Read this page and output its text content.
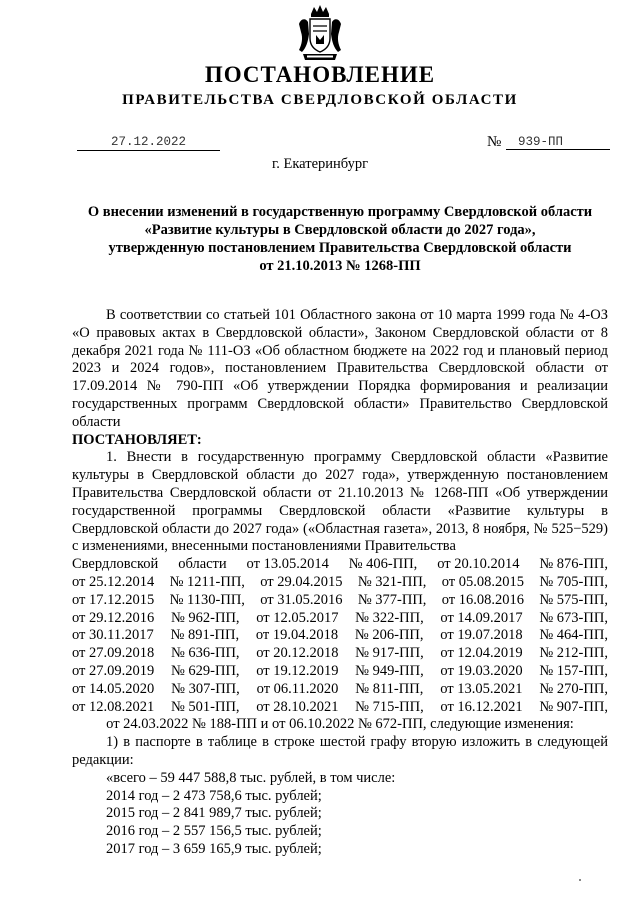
ПОСТАНОВЛЕНИЕ
ПРАВИТЕЛЬСТВА СВЕРДЛОВСКОЙ ОБЛАСТИ
27.12.2022	№	939-ПП
г. Екатеринбург
О внесении изменений в государственную программу Свердловской области
«Развитие культуры в Свердловской области до 2027 года»,
утвержденную постановлением Правительства Свердловской области
от 21.10.2013 № 1268-ПП

В соответствии со статьей 101 Областного закона от 10 марта 1999 года № 4-ОЗ «О правовых актах в Свердловской области», Законом Свердловской области от 8 декабря 2021 года № 111-ОЗ «Об областном бюджете на 2022 год и плановый период 2023 и 2024 годов», постановлением Правительства Свердловской области от 17.09.2014 № 790-ПП «Об утверждении Порядка формирования и реализации государственных программ Свердловской области» Правительство Свердловской области

ПОСТАНОВЛЯЕТ:

1. Внести в государственную программу Свердловской области «Развитие культуры в Свердловской области до 2027 года», утвержденную постановлением Правительства Свердловской области от 21.10.2013 № 1268-ПП «Об утверждении государственной программы Свердловской области «Развитие культуры в Свердловской области до 2027 года» («Областная газета», 2013, 8 ноября, № 525−529) с изменениями, внесенными постановлениями Правительства

Свердловской области от 13.05.2014 № 406-ПП, от 20.10.2014 № 876-ПП,
от 25.12.2014 № 1211-ПП, от 29.04.2015 № 321-ПП, от 05.08.2015 № 705-ПП,
от 17.12.2015 № 1130-ПП, от 31.05.2016 № 377-ПП, от 16.08.2016 № 575-ПП,
от 29.12.2016 № 962-ПП, от 12.05.2017 № 322-ПП, от 14.09.2017 № 673-ПП,
от 30.11.2017 № 891-ПП, от 19.04.2018 № 206-ПП, от 19.07.2018 № 464-ПП,
от 27.09.2018 № 636-ПП, от 20.12.2018 № 917-ПП, от 12.04.2019 № 212-ПП,
от 27.09.2019 № 629-ПП, от 19.12.2019 № 949-ПП, от 19.03.2020 № 157-ПП,
от 14.05.2020 № 307-ПП, от 06.11.2020 № 811-ПП, от 13.05.2021 № 270-ПП,
от 12.08.2021 № 501-ПП, от 28.10.2021 № 715-ПП, от 16.12.2021 № 907-ПП,

от 24.03.2022 № 188-ПП и от 06.10.2022 № 672-ПП, следующие изменения:

1) в паспорте в таблице в строке шестой графу вторую изложить в следующей редакции:

«всего – 59 447 588,8 тыс. рублей, в том числе:

2014 год – 2 473 758,6 тыс. рублей;

2015 год – 2 841 989,7 тыс. рублей;

2016 год – 2 557 156,5 тыс. рублей;

2017 год – 3 659 165,9 тыс. рублей;
